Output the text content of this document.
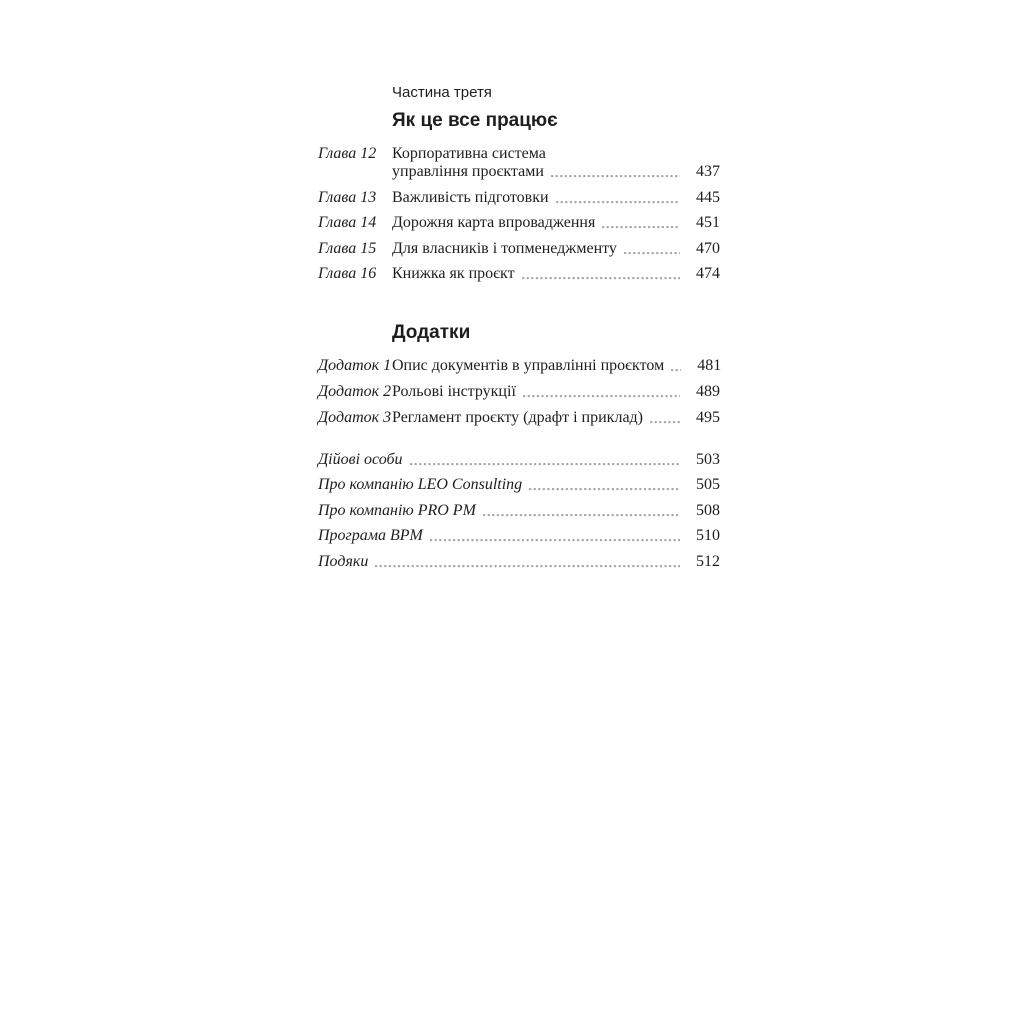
Частина третя
Як це все працює
Глава 12 Корпоративна система
управління проєктами	437
Глава 13 Важливість підготовки	445
Глава 14 Дорожня карта впровадження	451
Глава 15 Для власників і топменеджменту	470
Глава 16 Книжка як проєкт	474
Додатки
Додаток 1 Опис документів в управлінні проєктом	481
Додаток 2 Рольові інструкції	489
Додаток 3 Регламент проєкту (драфт і приклад)	495
Дійові особи	503
Про компанію LEO Consulting	505
Про компанію PRO PM	508
Програма BPM	510
Подяки	512
